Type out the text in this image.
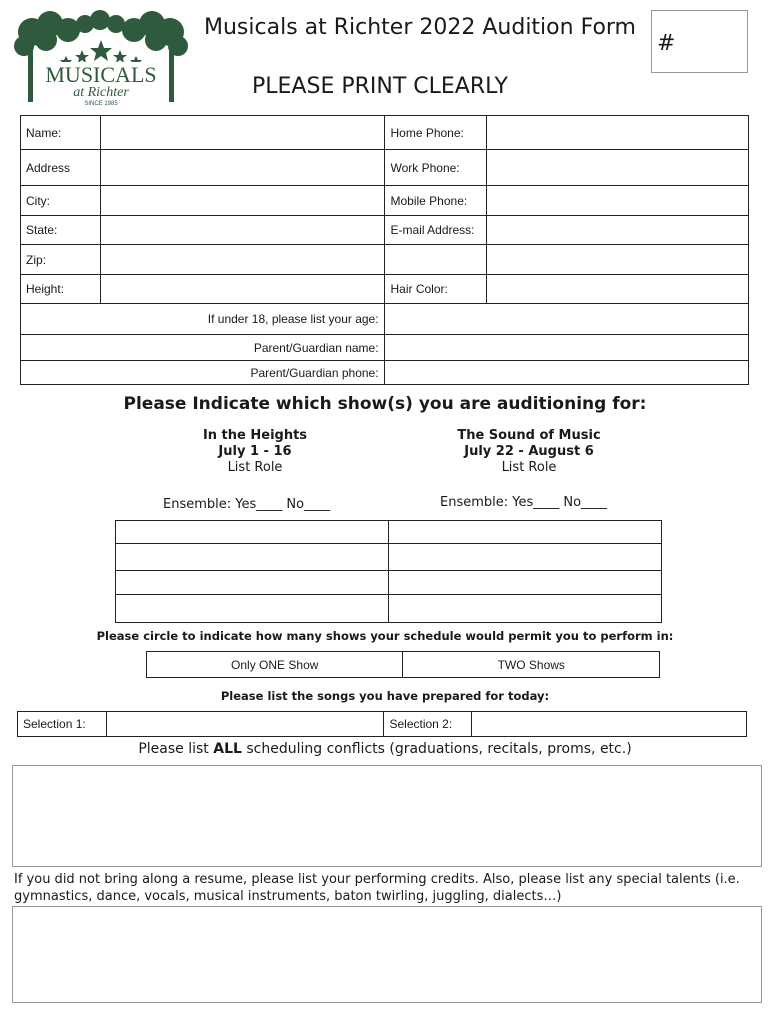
MUSICALS
at Richter
SINCE 1985
Musicals at Richter 2022 Audition Form
#
PLEASE PRINT CLEARLY
Name:		Home Phone:	
Address		Work Phone:	
City:		Mobile Phone:	
State:		E-mail Address:	
Zip:			
Height:		Hair Color:	
If under 18, please list your age:	
Parent/Guardian name:	
Parent/Guardian phone:	
Please Indicate which show(s) you are auditioning for:
In the Heights
July 1 - 16
List Role
The Sound of Music
July 22 - August 6
List Role
Ensemble: Yes____ No____	Ensemble: Yes____ No____

Please circle to indicate how many shows your schedule would permit you to perform in:
Only ONE Show	TWO Shows
Please list the songs you have prepared for today:
Selection 1:		Selection 2:	
Please list ALL scheduling conflicts (graduations, recitals, proms, etc.)
If you did not bring along a resume, please list your performing credits. Also, please list any special talents (i.e. gymnastics, dance, vocals, musical instruments, baton twirling, juggling, dialects…)
